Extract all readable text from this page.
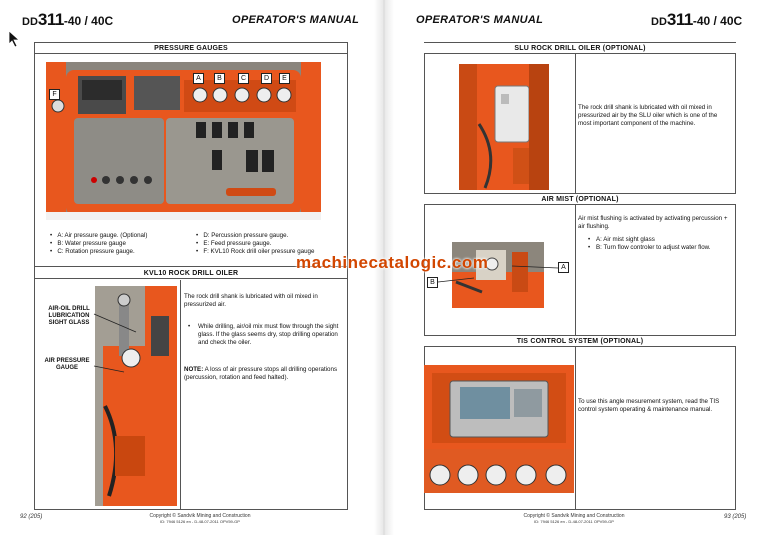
DD311-40 / 40C	OPERATOR'S MANUAL
PRESSURE GAUGES
A	B	C	D	E
F
•   A: Air pressure gauge. (Optional)
•   B: Water pressure gauge
•   C: Rotation pressure gauge.
•   D: Percussion pressure gauge.
•   E: Feed pressure gauge.
•   F: KVL10 Rock drill oiler pressure gauge
KVL10 ROCK DRILL OILER
AIR-OIL DRILL LUBRICATION SIGHT GLASS
AIR PRESSURE GAUGE
The rock drill shank is lubricated with oil mixed in pressurized air.
• While drilling, air/oil mix must flow through the sight glass. If the glass seems dry, stop drilling operation and check the oiler.
NOTE: A loss of air pressure stops all drilling operations (percussion, rotation and feed halted).
92 (205)	Copyright © Sandvik Mining and Construction
ID: 7946 5126 en - D-48-07-2011 OPV59-GP
OPERATOR'S MANUAL	DD311-40 / 40C
SLU ROCK DRILL OILER (OPTIONAL)
The rock drill shank is lubricated with oil mixed in pressurized air by the SLU oiler which is one of the most important component of the machine.
AIR MIST (OPTIONAL)
A
B
Air mist flushing is activated by activating percussion + air flushing.
• A: Air mist sight glass
• B: Turn flow controler to adjust water flow.
TIS CONTROL SYSTEM (OPTIONAL)
To use this angle mesurement system, read the TIS control system operating & maintenance manual.
Copyright © Sandvik Mining and Construction
ID: 7946 5126 en - D-48-07-2011 OPV59-GP
93 (205)
machinecatalogic.com
